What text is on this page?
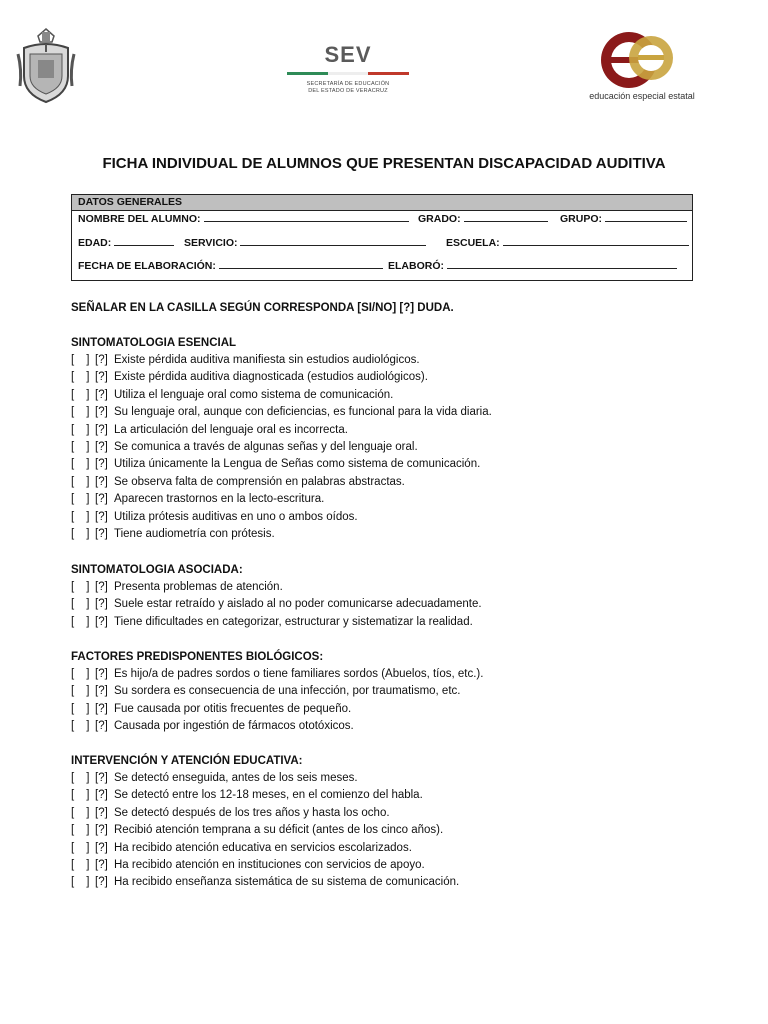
SEV
SECRETARÍA DE EDUCACIÓN
DEL ESTADO DE VERACRUZ	educación especial estatal
FICHA INDIVIDUAL DE ALUMNOS QUE PRESENTAN DISCAPACIDAD AUDITIVA
DATOS GENERALES
NOMBRE DEL ALUMNO:	GRADO:	GRUPO:
EDAD:	SERVICIO:	ESCUELA:
FECHA DE ELABORACIÓN:	ELABORÓ:
SEÑALAR EN LA CASILLA SEGÚN CORRESPONDA [SI/NO] [?] DUDA.
SINTOMATOLOGIA ESENCIAL
[ ] [?] Existe pérdida auditiva manifiesta sin estudios audiológicos.
[ ] [?] Existe pérdida auditiva diagnosticada (estudios audiológicos).
[ ] [?] Utiliza el lenguaje oral como sistema de comunicación.
[ ] [?] Su lenguaje oral, aunque con deficiencias, es funcional para la vida diaria.
[ ] [?] La articulación del lenguaje oral es incorrecta.
[ ] [?] Se comunica a través de algunas señas y del lenguaje oral.
[ ] [?] Utiliza únicamente la Lengua de Señas como sistema de comunicación.
[ ] [?] Se observa falta de comprensión en palabras abstractas.
[ ] [?] Aparecen trastornos en la lecto-escritura.
[ ] [?] Utiliza prótesis auditivas en uno o ambos oídos.
[ ] [?] Tiene audiometría con prótesis.
SINTOMATOLOGIA ASOCIADA:
[ ] [?] Presenta problemas de atención.
[ ] [?] Suele estar retraído y aislado al no poder comunicarse adecuadamente.
[ ] [?] Tiene dificultades en categorizar, estructurar y sistematizar la realidad.
FACTORES PREDISPONENTES BIOLÓGICOS:
[ ] [?] Es hijo/a de padres sordos o tiene familiares sordos (Abuelos, tíos, etc.).
[ ] [?] Su sordera es consecuencia de una infección, por traumatismo, etc.
[ ] [?] Fue causada por otitis frecuentes de pequeño.
[ ] [?] Causada por ingestión de fármacos ototóxicos.
INTERVENCIÓN Y ATENCIÓN EDUCATIVA:
[ ] [?] Se detectó enseguida, antes de los seis meses.
[ ] [?] Se detectó entre los 12-18 meses, en el comienzo del habla.
[ ] [?] Se detectó después de los tres años y hasta los ocho.
[ ] [?] Recibió atención temprana a su déficit (antes de los cinco años).
[ ] [?] Ha recibido atención educativa en servicios escolarizados.
[ ] [?] Ha recibido atención en instituciones con servicios de apoyo.
[ ] [?] Ha recibido enseñanza sistemática de su sistema de comunicación.
